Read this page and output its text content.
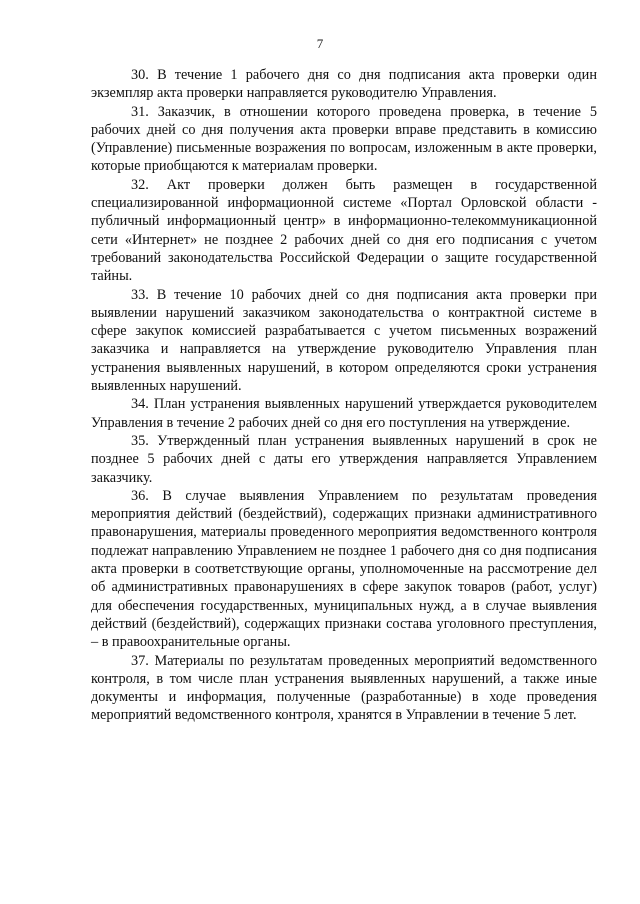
7

30. В течение 1 рабочего дня со дня подписания акта проверки один экземпляр акта проверки направляется руководителю Управления.

31. Заказчик, в отношении которого проведена проверка, в течение 5 рабочих дней со дня получения акта проверки вправе представить в комиссию (Управление) письменные возражения по вопросам, изложенным в акте проверки, которые приобщаются к материалам проверки.

32. Акт проверки должен быть размещен в государственной специализированной информационной системе «Портал Орловской области - публичный информационный центр» в информационно-телекоммуникационной сети «Интернет» не позднее 2 рабочих дней со дня его подписания с учетом требований законодательства Российской Федерации о защите государственной тайны.

33. В течение 10 рабочих дней со дня подписания акта проверки при выявлении нарушений заказчиком законодательства о контрактной системе в сфере закупок комиссией разрабатывается с учетом письменных возражений заказчика и направляется на утверждение руководителю Управления план устранения выявленных нарушений, в котором определяются сроки устранения выявленных нарушений.

34. План устранения выявленных нарушений утверждается руководителем Управления в течение 2 рабочих дней со дня его поступления на утверждение.

35. Утвержденный план устранения выявленных нарушений в срок не позднее 5 рабочих дней с даты его утверждения направляется Управлением заказчику.

36. В случае выявления Управлением по результатам проведения мероприятия действий (бездействий), содержащих признаки административного правонарушения, материалы проведенного мероприятия ведомственного контроля подлежат направлению Управлением не позднее 1 рабочего дня со дня подписания акта проверки в соответствующие органы, уполномоченные на рассмотрение дел об административных правонарушениях в сфере закупок товаров (работ, услуг) для обеспечения государственных, муниципальных нужд, а в случае выявления действий (бездействий), содержащих признаки состава уголовного преступления, – в правоохранительные органы.

37. Материалы по результатам проведенных мероприятий ведомственного контроля, в том числе план устранения выявленных нарушений, а также иные документы и информация, полученные (разработанные) в ходе проведения мероприятий ведомственного контроля, хранятся в Управлении в течение 5 лет.
